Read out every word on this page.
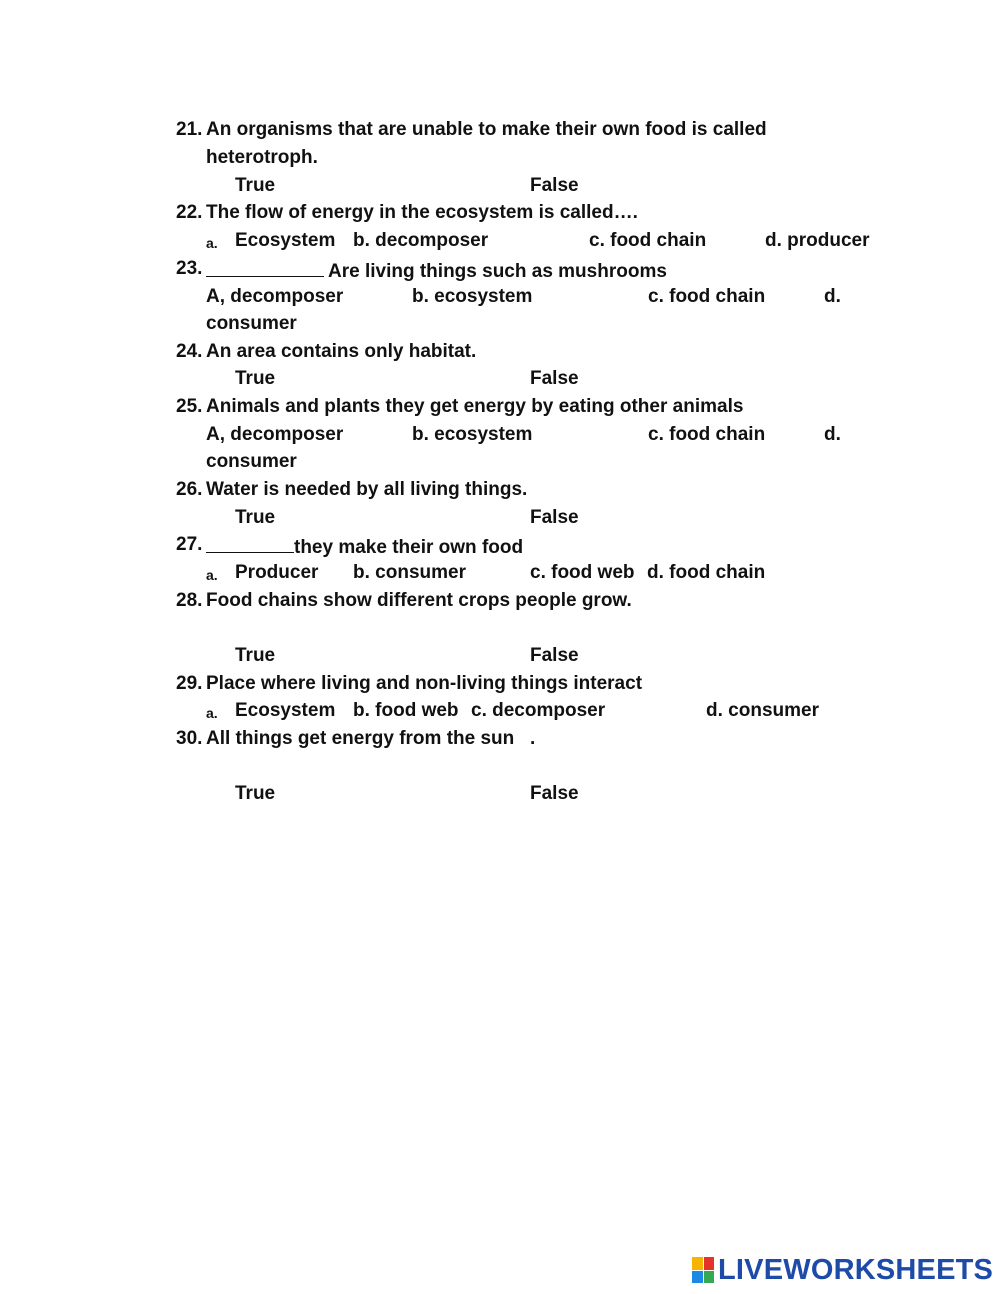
21. An organisms that are unable to make their own food is called
heterotroph.
True	False
22. The flow of energy in the ecosystem is called….
a. Ecosystem b. decomposer	c. food chain	d. producer
23.	Are living things such as mushrooms
A, decomposer	b. ecosystem	c. food chain	d.
consumer
24. An area contains only habitat.
True	False
25. Animals and plants they get energy by eating other animals
A, decomposer	b. ecosystem	c. food chain	d.
consumer
26. Water is needed by all living things.
True	False
27.	they make their own food
a. Producer b. consumer	c. food web d. food chain
28. Food chains show different crops people grow.
True	False
29. Place where living and non-living things interact
a. Ecosystem b. food web c. decomposer	d. consumer
30. All things get energy from the sun .
True	False
LIVEWORKSHEETS
